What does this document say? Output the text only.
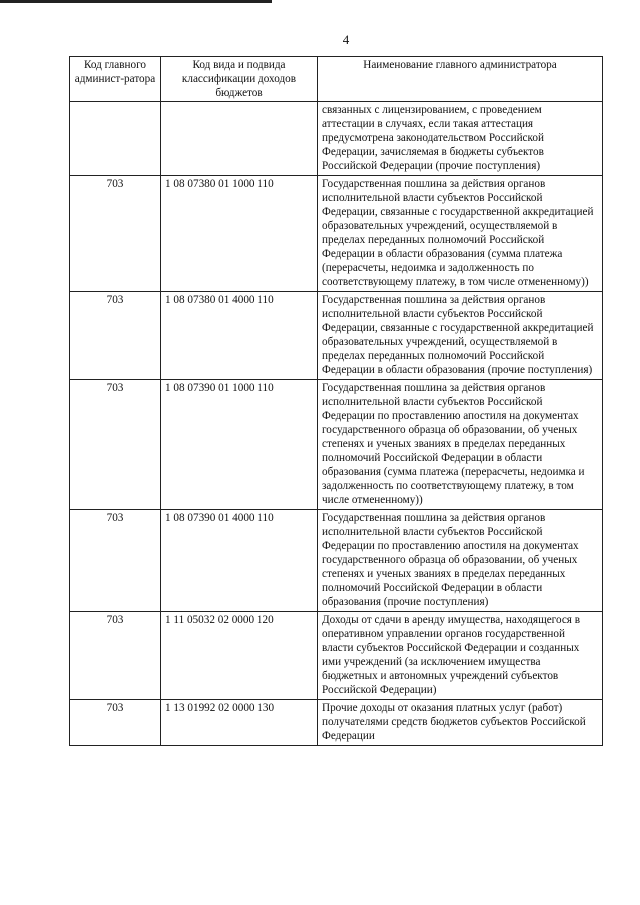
4
Код главного админист-ратора	Код вида и подвида классификации доходов бюджетов	Наименование главного администратора
		связанных с лицензированием, с проведением аттестации в случаях, если такая аттестация предусмотрена законодательством Российской Федерации, зачисляемая в бюджеты субъектов Российской Федерации (прочие поступления)
703	1 08 07380 01 1000 110	Государственная пошлина за действия органов исполнительной власти субъектов Российской Федерации, связанные с государственной аккредитацией образовательных учреждений, осуществляемой в пределах переданных полномочий Российской Федерации в области образования (сумма платежа (перерасчеты, недоимка и задолженность по соответствующему платежу, в том числе отмененному))
703	1 08 07380 01 4000 110	Государственная пошлина за действия органов исполнительной власти субъектов Российской Федерации, связанные с государственной аккредитацией образовательных учреждений, осуществляемой в пределах переданных полномочий Российской Федерации в области образования (прочие поступления)
703	1 08 07390 01 1000 110	Государственная пошлина за действия органов исполнительной власти субъектов Российской Федерации по проставлению апостиля на документах государственного образца об образовании, об ученых степенях и ученых званиях в пределах переданных полномочий Российской Федерации в области образования (сумма платежа (перерасчеты, недоимка и задолженность по соответствующему платежу, в том числе отмененному))
703	1 08 07390 01 4000 110	Государственная пошлина за действия органов исполнительной власти субъектов Российской Федерации по проставлению апостиля на документах государственного образца об образовании, об ученых степенях и ученых званиях в пределах переданных полномочий Российской Федерации в области образования (прочие поступления)
703	1 11 05032 02 0000 120	Доходы от сдачи в аренду имущества, находящегося в оперативном управлении органов государственной власти субъектов Российской Федерации и созданных ими учреждений (за исключением имущества бюджетных и автономных учреждений субъектов Российской Федерации)
703	1 13 01992 02 0000 130	Прочие доходы от оказания платных услуг (работ) получателями средств бюджетов субъектов Российской Федерации
